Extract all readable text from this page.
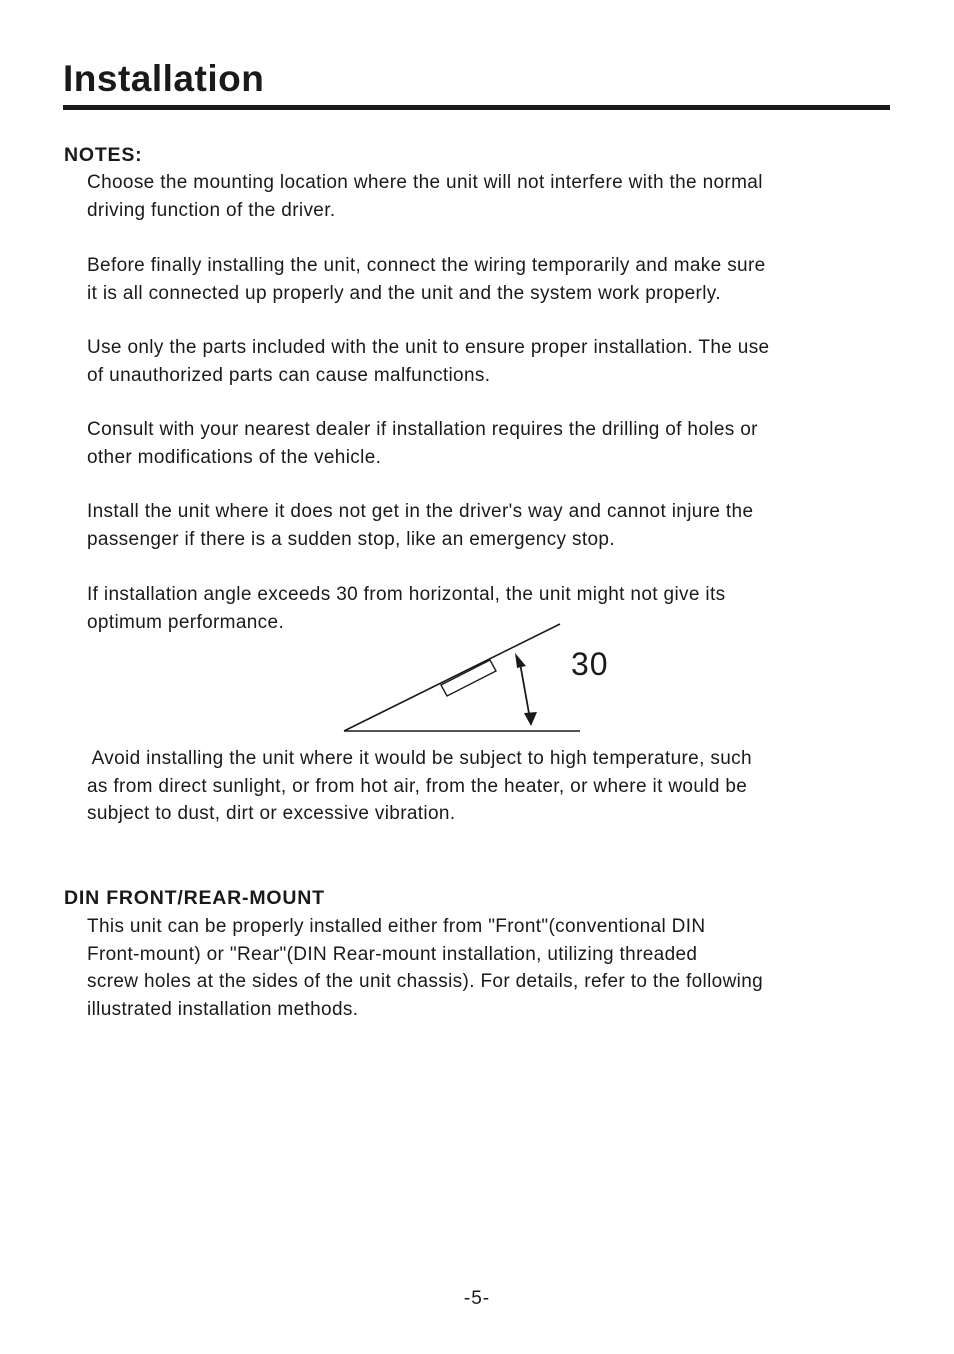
Installation
NOTES:

Choose the mounting location where the unit will not interfere with the normal
driving function of the driver.

Before finally installing the unit, connect the wiring temporarily and make sure
it is all connected up properly and the unit and the system work properly.

Use only the parts included with the unit to ensure proper installation. The use
of unauthorized parts can cause malfunctions.

Consult with your nearest dealer if installation requires the drilling of holes or
other modifications of the vehicle.

Install the unit where it does not get in the driver's way and cannot injure the
passenger if there is a sudden stop, like an emergency stop.

If installation angle exceeds 30 from horizontal, the unit might not give its
optimum performance.

30

Avoid installing the unit where it would be subject to high temperature, such
as from direct sunlight, or from hot air, from the heater, or where it would be
subject to dust, dirt or excessive vibration.

DIN FRONT/REAR-MOUNT

This unit can be properly installed either from "Front"(conventional DIN
Front-mount) or "Rear"(DIN Rear-mount installation, utilizing threaded
screw holes at the sides of the unit chassis). For details, refer to the following
illustrated installation methods.

-5-
